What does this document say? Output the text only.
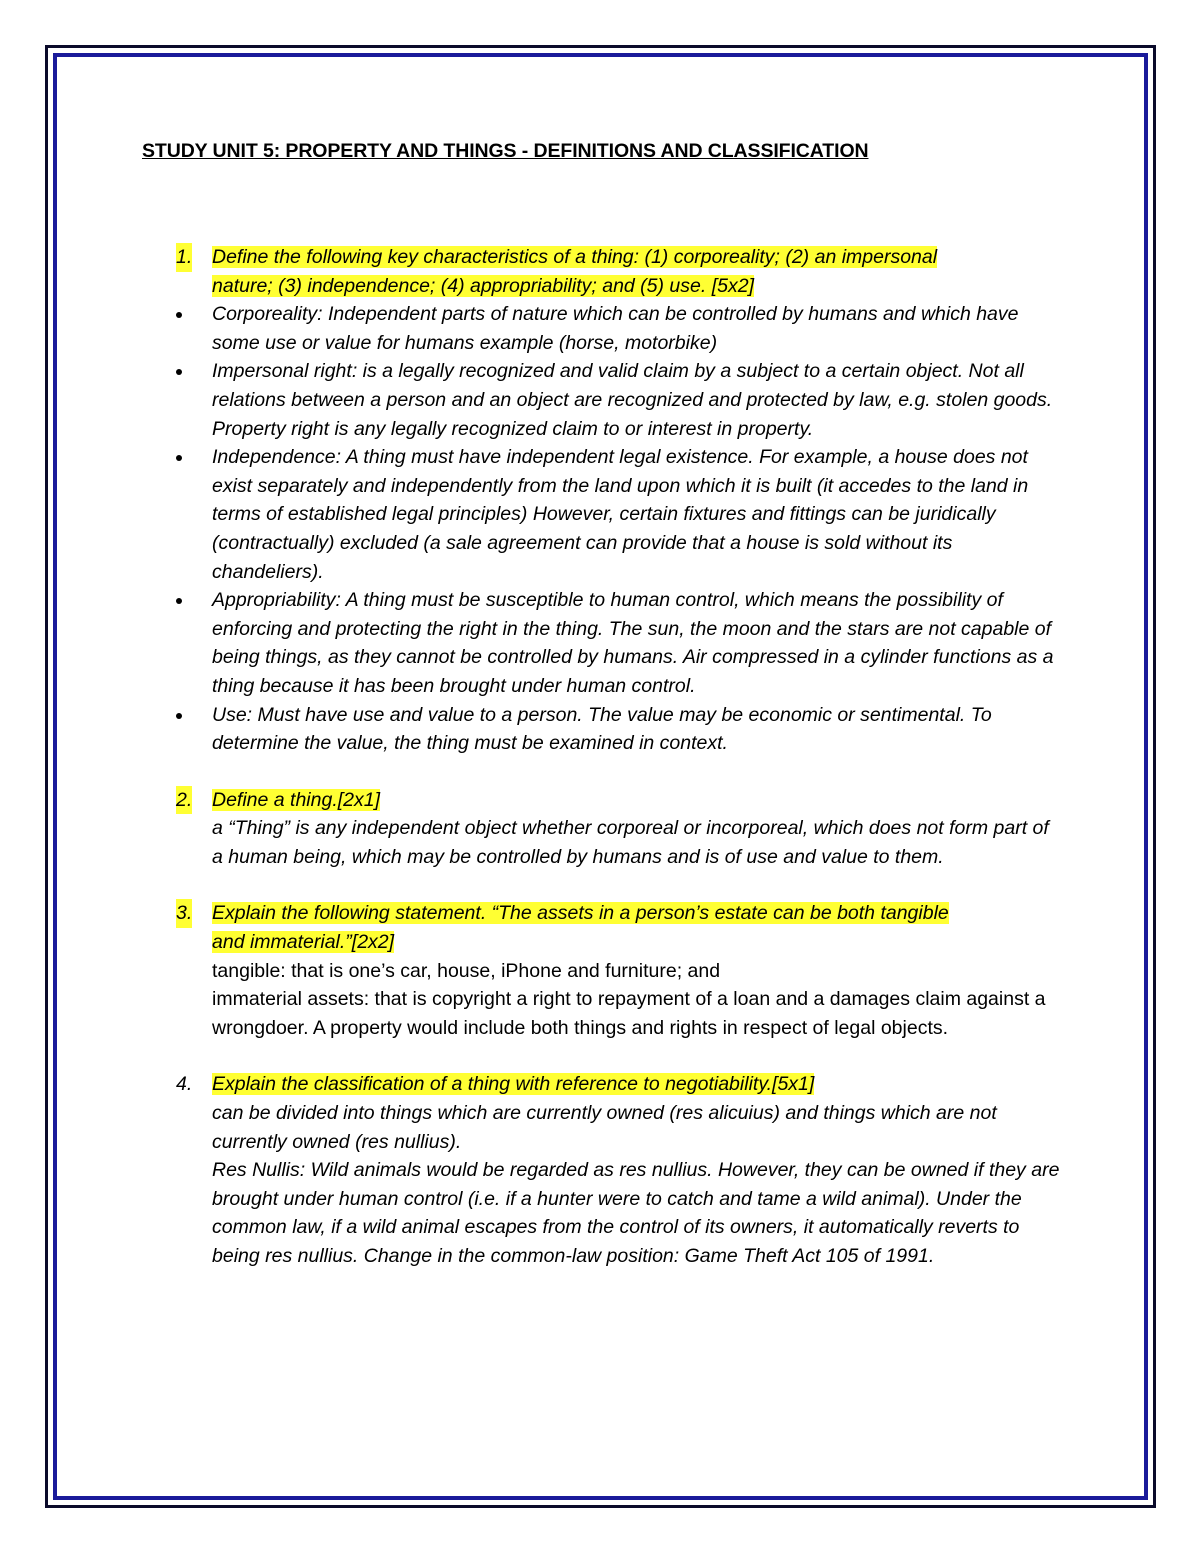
STUDY UNIT 5: PROPERTY AND THINGS - DEFINITIONS AND CLASSIFICATION

1. Define the following key characteristics of a thing: (1) corporeality; (2) an impersonal
nature; (3) independence; (4) appropriability; and (5) use. [5x2]
Corporeality: Independent parts of nature which can be controlled by humans and which have some use or value for humans example (horse, motorbike)
Impersonal right: is a legally recognized and valid claim by a subject to a certain object. Not all relations between a person and an object are recognized and protected by law, e.g. stolen goods. Property right is any legally recognized claim to or interest in property.
Independence: A thing must have independent legal existence. For example, a house does not exist separately and independently from the land upon which it is built (it accedes to the land in terms of established legal principles) However, certain fixtures and fittings can be juridically (contractually) excluded (a sale agreement can provide that a house is sold without its chandeliers).
Appropriability: A thing must be susceptible to human control, which means the possibility of enforcing and protecting the right in the thing. The sun, the moon and the stars are not capable of being things, as they cannot be controlled by humans. Air compressed in a cylinder functions as a thing because it has been brought under human control.
Use: Must have use and value to a person. The value may be economic or sentimental. To determine the value, the thing must be examined in context.
2. Define a thing.[2x1]
a “Thing” is any independent object whether corporeal or incorporeal, which does not form part of a human being, which may be controlled by humans and is of use and value to them.
3. Explain the following statement. “The assets in a person’s estate can be both tangible
and immaterial.”[2x2]
tangible: that is one’s car, house, iPhone and furniture; and
immaterial assets: that is copyright a right to repayment of a loan and a damages claim against a wrongdoer. A property would include both things and rights in respect of legal objects.
4. Explain the classification of a thing with reference to negotiability.[5x1]
can be divided into things which are currently owned (res alicuius) and things which are not currently owned (res nullius).
Res Nullis: Wild animals would be regarded as res nullius. However, they can be owned if they are brought under human control (i.e. if a hunter were to catch and tame a wild animal). Under the common law, if a wild animal escapes from the control of its owners, it automatically reverts to being res nullius. Change in the common-law position: Game Theft Act 105 of 1991.
